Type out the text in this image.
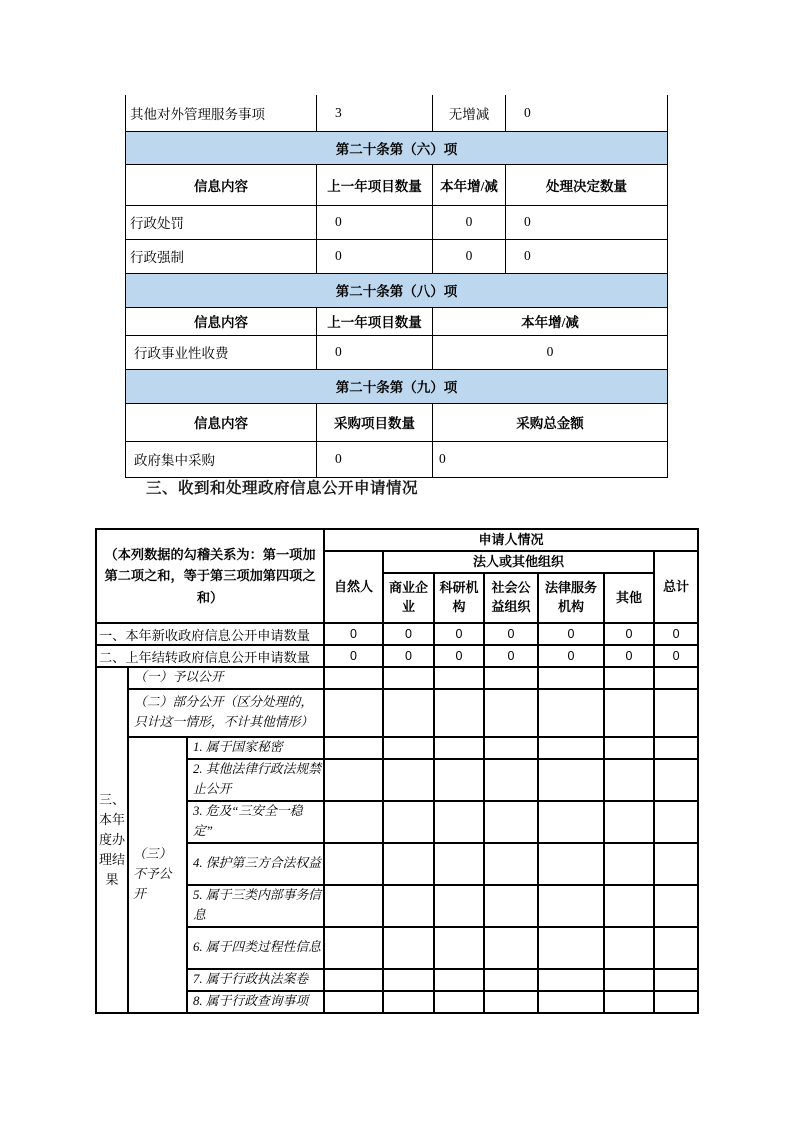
其他对外管理服务事项	3	无增减	0
第二十条第（六）项			
信息内容	上一年项目数量	本年增/减	处理决定数量
行政处罚	0	0	0
行政强制	0	0	0
第二十条第（八）项			
信息内容	上一年项目数量	本年增/减	
行政事业性收费	0	0	
第二十条第（九）项			
信息内容	采购项目数量	采购总金额	
政府集中采购	0	0	
三、收到和处理政府信息公开申请情况
（本列数据的勾稽关系为：第一项加第二项之和，等于第三项加第四项之和）			申请人情况						
			自然人	法人或其他组织					总计
				商业企业	科研机构	社会公益组织	法律服务机构	其他	
一、本年新收政府信息公开申请数量			0	0	0	0	0	0	0
二、上年结转政府信息公开申请数量			0	0	0	0	0	0	0
三、本年度办理结果	（一）予以公开								
	（二）部分公开（区分处理的，只计这一情形，不计其他情形）								
	（三）不予公开	1. 属于国家秘密							
		2. 其他法律行政法规禁止公开							
		3. 危及“三安全一稳定”							
		4. 保护第三方合法权益							
		5. 属于三类内部事务信息							
		6. 属于四类过程性信息							
		7. 属于行政执法案卷							
		8. 属于行政查询事项							
